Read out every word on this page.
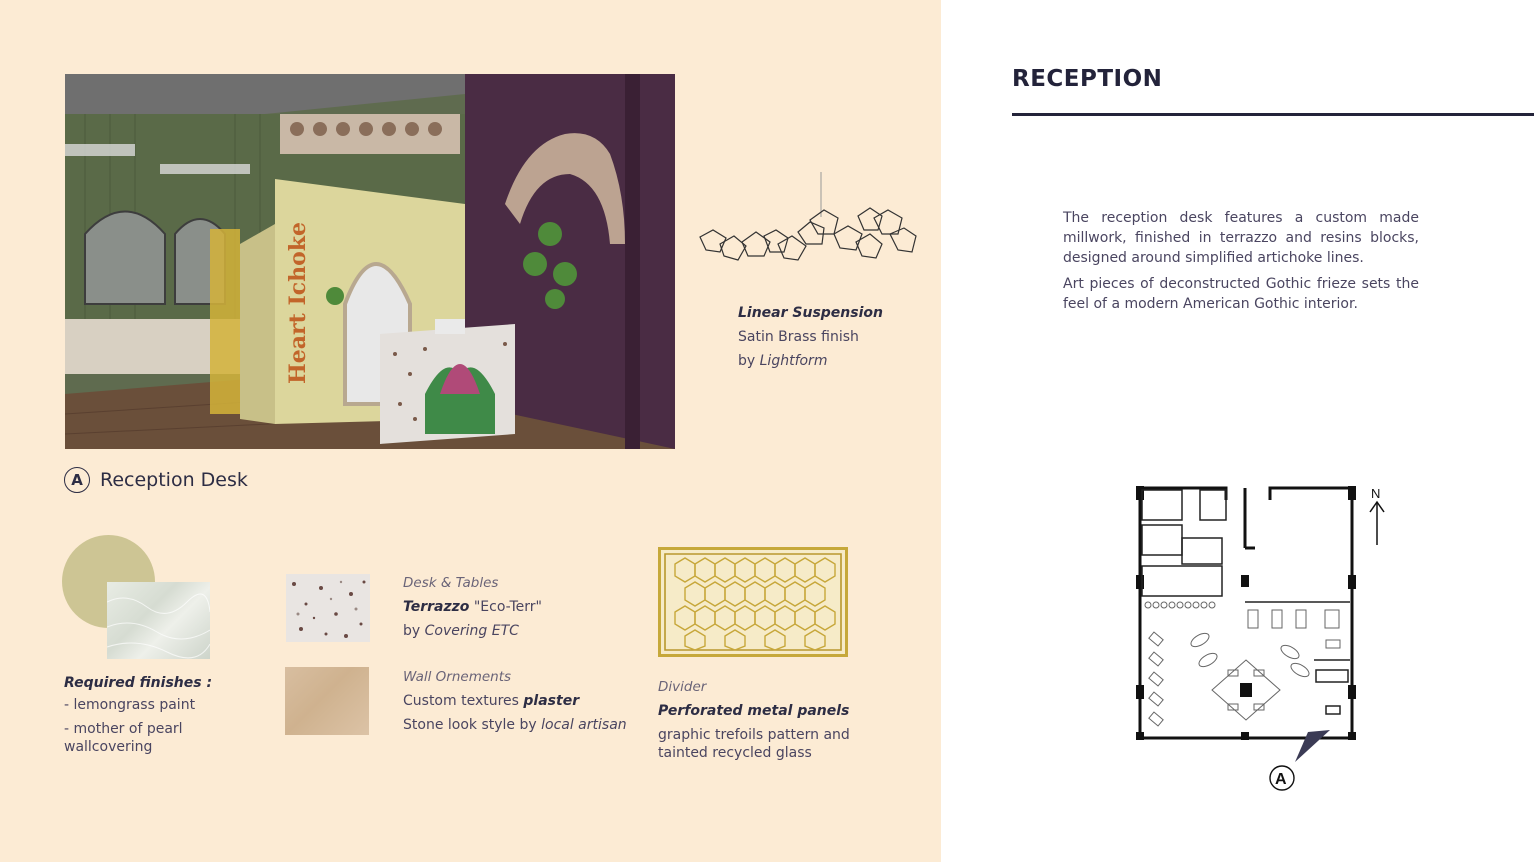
Heart Ichoke
A Reception Desk
Linear Suspension
Satin Brass finish
by Lightform
Required finishes :
- lemongrass paint
- mother of pearl
wallcovering
Desk & Tables
Terrazzo "Eco-Terr"
by Covering ETC
Wall Ornements
Custom textures plaster
Stone look style by local artisan
Divider
Perforated metal panels
graphic trefoils pattern and
tainted recycled glass
RECEPTION
The reception desk features a custom made millwork, finished in terrazzo and resins blocks, designed around simplified artichoke lines.
Art pieces of deconstructed Gothic frieze sets the feel of a modern American Gothic interior.
N
A
